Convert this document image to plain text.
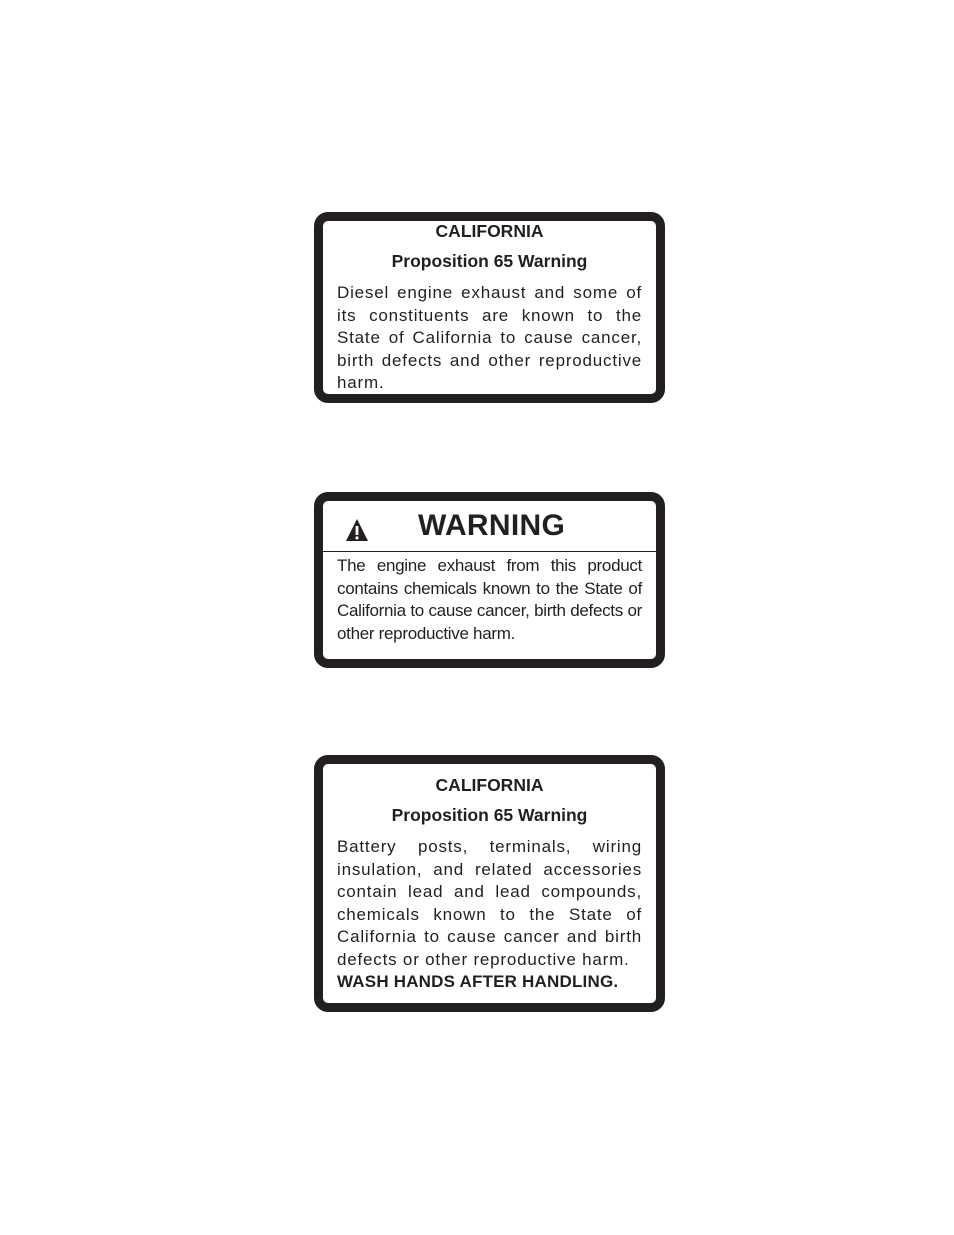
CALIFORNIA

Proposition 65 Warning

Diesel engine exhaust and some of its constituents are known to the State of California to cause cancer, birth defects and other reproductive harm.

WARNING

The engine exhaust from this product contains chemicals known to the State of California to cause cancer, birth defects or other reproductive harm.

CALIFORNIA

Proposition 65 Warning

Battery posts, terminals, wiring insulation, and related accessories contain lead and lead compounds, chemicals known to the State of California to cause cancer and birth defects or other reproductive harm.
WASH HANDS AFTER HANDLING.
